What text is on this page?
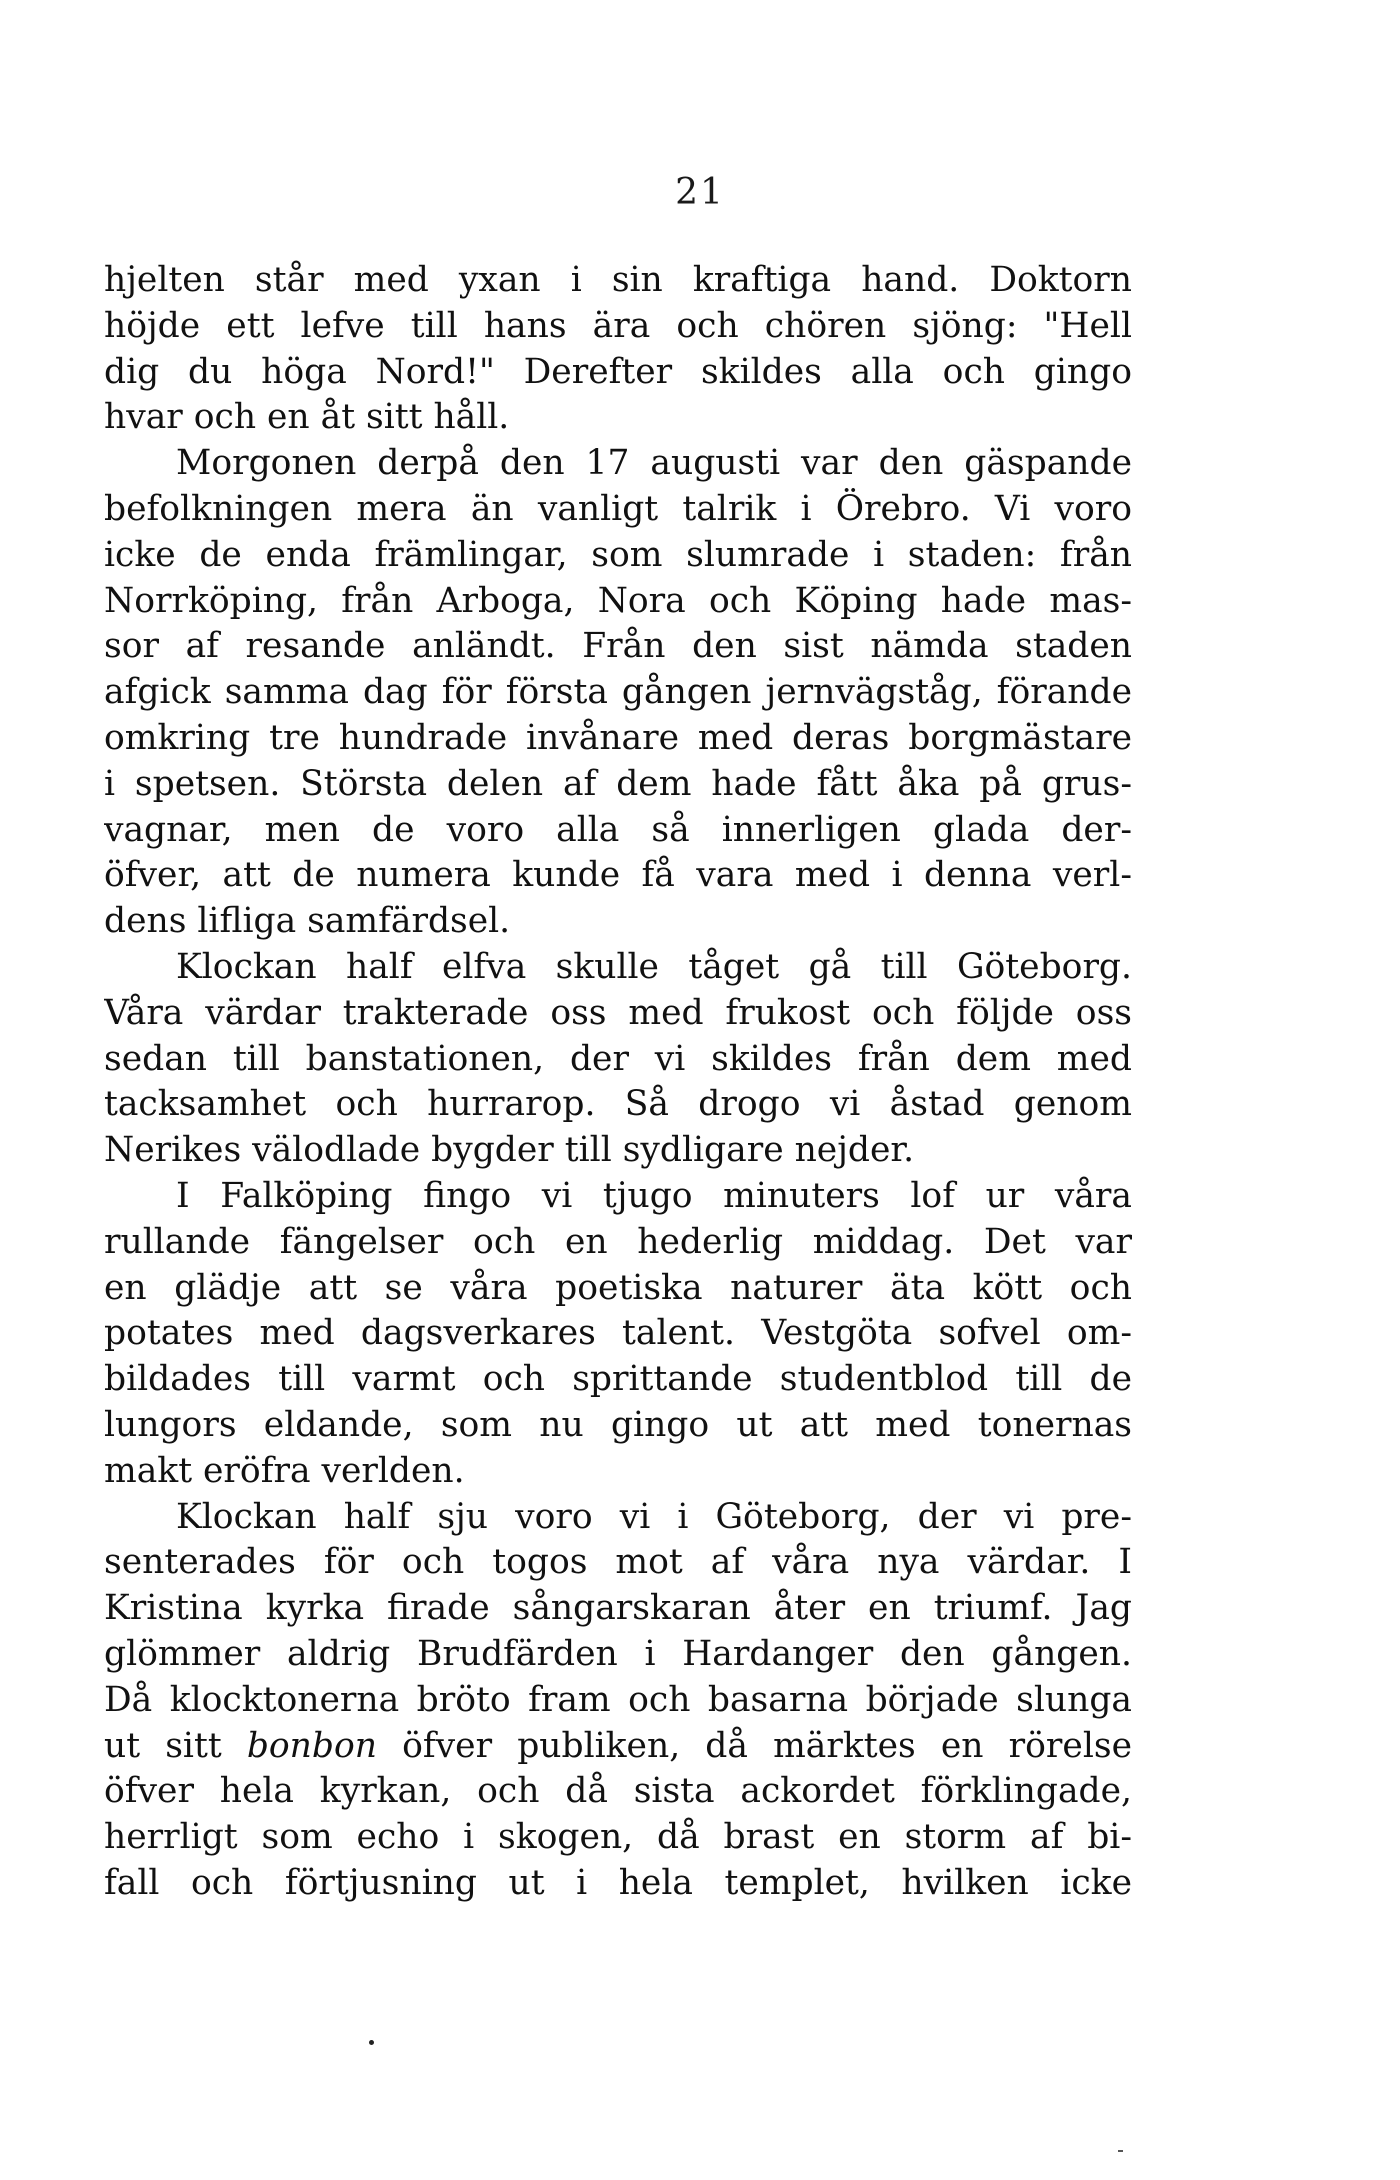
21
hjelten står med yxan i sin kraftiga hand. Doktorn
höjde ett lefve till hans ära och chören sjöng: "Hell
dig du höga Nord!" Derefter skildes alla och gingo
hvar och en åt sitt håll.
Morgonen derpå den 17 augusti var den gäspande
befolkningen mera än vanligt talrik i Örebro. Vi voro
icke de enda främlingar, som slumrade i staden: från
Norrköping, från Arboga, Nora och Köping hade mas-
sor af resande anländt. Från den sist nämda staden
afgick samma dag för första gången jernvägståg, förande
omkring tre hundrade invånare med deras borgmästare
i spetsen. Största delen af dem hade fått åka på grus-
vagnar, men de voro alla så innerligen glada der-
öfver, att de numera kunde få vara med i denna verl-
dens lifliga samfärdsel.
Klockan half elfva skulle tåget gå till Göteborg.
Våra värdar trakterade oss med frukost och följde oss
sedan till banstationen, der vi skildes från dem med
tacksamhet och hurrarop. Så drogo vi åstad genom
Nerikes välodlade bygder till sydligare nejder.
I Falköping fingo vi tjugo minuters lof ur våra
rullande fängelser och en hederlig middag. Det var
en glädje att se våra poetiska naturer äta kött och
potates med dagsverkares talent. Vestgöta sofvel om-
bildades till varmt och sprittande studentblod till de
lungors eldande, som nu gingo ut att med tonernas
makt eröfra verlden.
Klockan half sju voro vi i Göteborg, der vi pre-
senterades för och togos mot af våra nya värdar. I
Kristina kyrka firade sångarskaran åter en triumf. Jag
glömmer aldrig Brudfärden i Hardanger den gången.
Då klocktonerna bröto fram och basarna började slunga
ut sitt bonbon öfver publiken, då märktes en rörelse
öfver hela kyrkan, och då sista ackordet förklingade,
herrligt som echo i skogen, då brast en storm af bi-
fall och förtjusning ut i hela templet, hvilken icke
